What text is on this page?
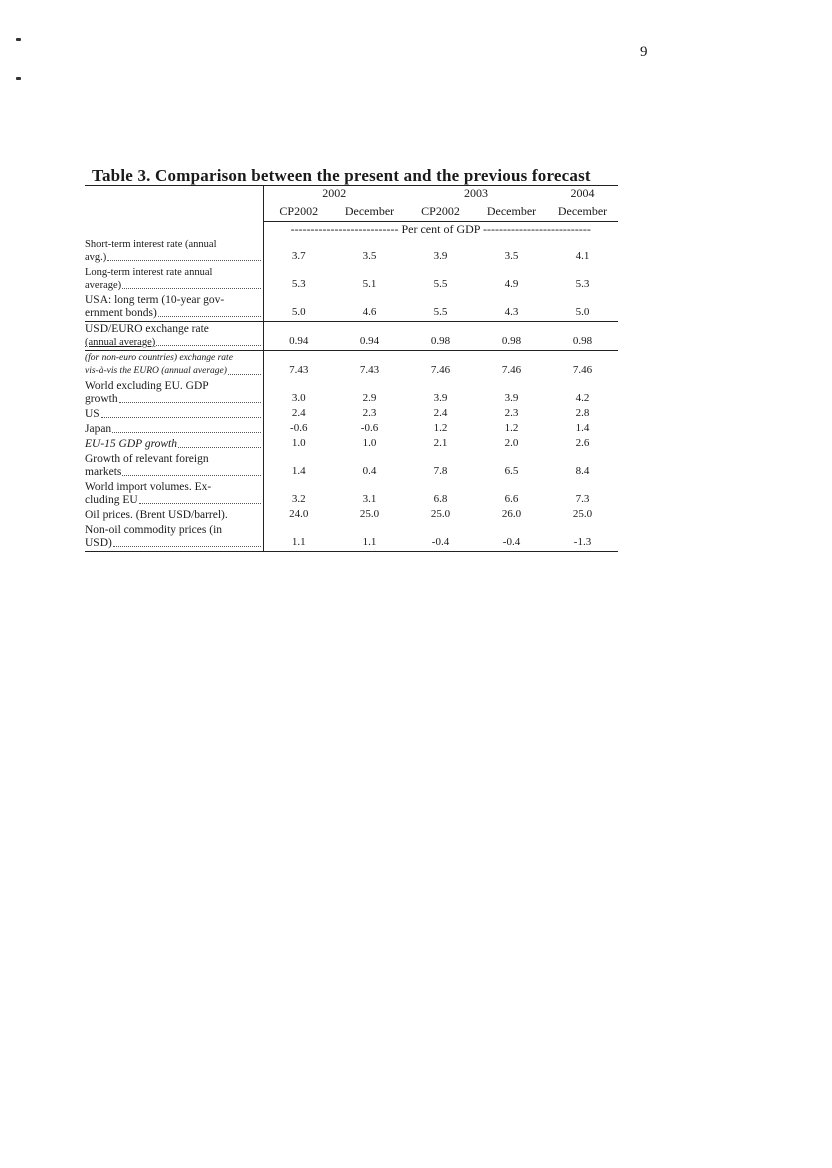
9
Table 3. Comparison between the present and the previous forecast
	2002		2003		2004
	CP2002	December	CP2002	December	December
	--------------------------- Per cent of GDP ---------------------------				

Short-term interest rate (annual
avg.)	3.7	3.5	3.9	3.5	4.1

Long-term interest rate annual
average)	5.3	5.1	5.5	4.9	5.3

USA: long term (10-year gov-
ernment bonds)	5.0	4.6	5.5	4.3	5.0

USD/EURO exchange rate
(annual average)	0.94	0.94	0.98	0.98	0.98

(for non-euro countries) exchange rate
vis-à-vis the EURO (annual average)	7.43	7.43	7.46	7.46	7.46

World excluding EU. GDP
growth	3.0	2.9	3.9	3.9	4.2

US	2.4	2.3	2.4	2.3	2.8

Japan	-0.6	-0.6	1.2	1.2	1.4

EU-15 GDP growth	1.0	1.0	2.1	2.0	2.6

Growth of relevant foreign
markets	1.4	0.4	7.8	6.5	8.4

World import volumes. Ex-
cluding EU	3.2	3.1	6.8	6.6	7.3

Oil prices. (Brent USD/barrel).	24.0	25.0	25.0	26.0	25.0

Non-oil commodity prices (in
USD)	1.1	1.1	-0.4	-0.4	-1.3
